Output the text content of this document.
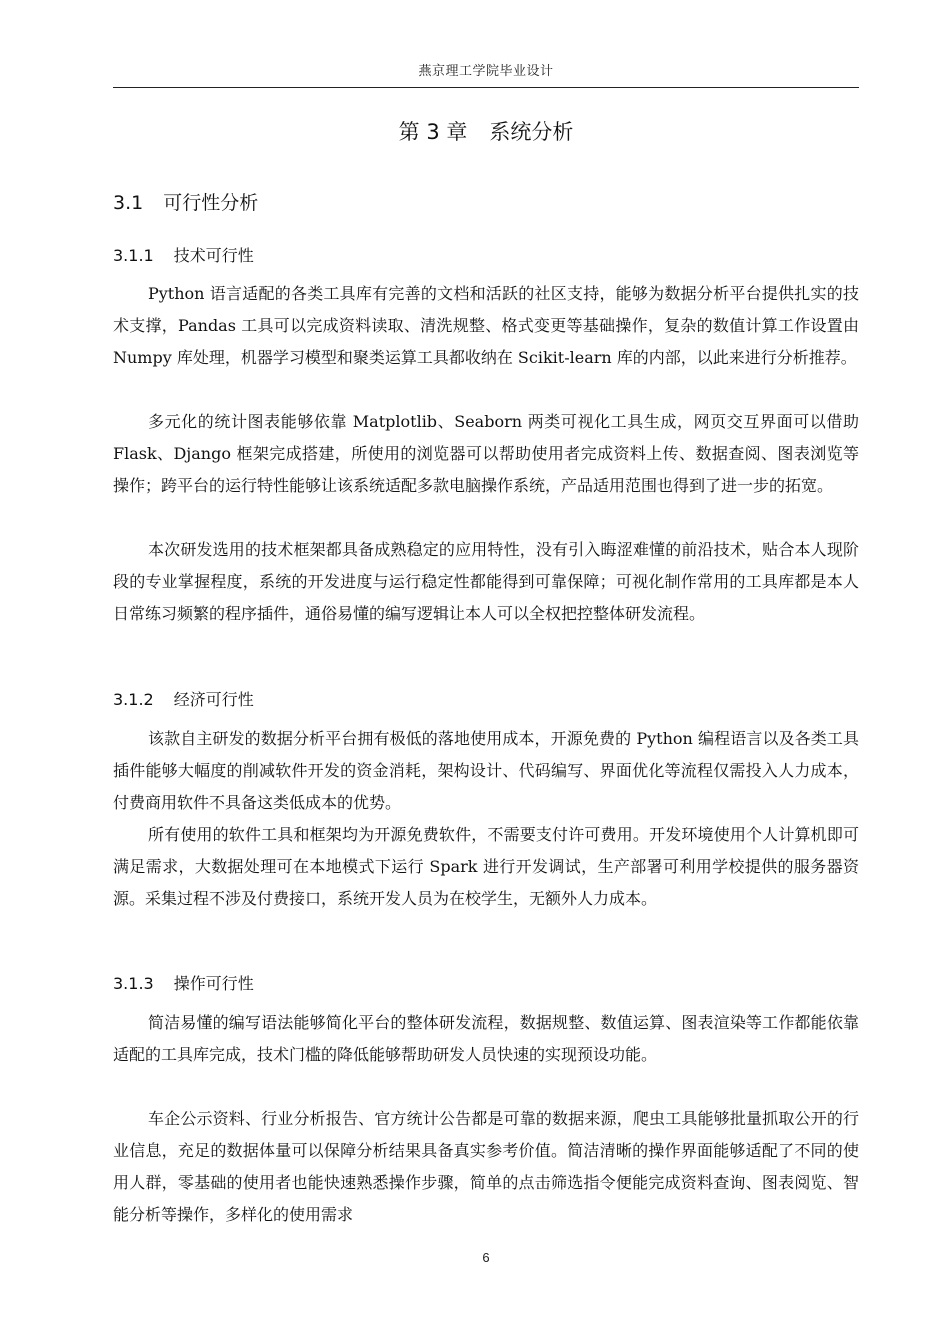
燕京理工学院毕业设计
第 3 章 系统分析
3.1 可行性分析
3.1.1 技术可行性

Python 语言适配的各类工具库有完善的文档和活跃的社区支持，能够为数据分析平台提供扎实的技术支撑，Pandas 工具可以完成资料读取、清洗规整、格式变更等基础操作，复杂的数值计算工作设置由 Numpy 库处理，机器学习模型和聚类运算工具都收纳在 Scikit-learn 库的内部，以此来进行分析推荐。

多元化的统计图表能够依靠 Matplotlib、Seaborn 两类可视化工具生成，网页交互界面可以借助 Flask、Django 框架完成搭建，所使用的浏览器可以帮助使用者完成资料上传、数据查阅、图表浏览等操作；跨平台的运行特性能够让该系统适配多款电脑操作系统，产品适用范围也得到了进一步的拓宽。

本次研发选用的技术框架都具备成熟稳定的应用特性，没有引入晦涩难懂的前沿技术，贴合本人现阶段的专业掌握程度，系统的开发进度与运行稳定性都能得到可靠保障；可视化制作常用的工具库都是本人日常练习频繁的程序插件，通俗易懂的编写逻辑让本人可以全权把控整体研发流程。

3.1.2 经济可行性

该款自主研发的数据分析平台拥有极低的落地使用成本，开源免费的 Python 编程语言以及各类工具插件能够大幅度的削减软件开发的资金消耗，架构设计、代码编写、界面优化等流程仅需投入人力成本，付费商用软件不具备这类低成本的优势。

所有使用的软件工具和框架均为开源免费软件，不需要支付许可费用。开发环境使用个人计算机即可满足需求，大数据处理可在本地模式下运行 Spark 进行开发调试，生产部署可利用学校提供的服务器资源。采集过程不涉及付费接口，系统开发人员为在校学生，无额外人力成本。

3.1.3 操作可行性

简洁易懂的编写语法能够简化平台的整体研发流程，数据规整、数值运算、图表渲染等工作都能依靠适配的工具库完成，技术门槛的降低能够帮助研发人员快速的实现预设功能。

车企公示资料、行业分析报告、官方统计公告都是可靠的数据来源，爬虫工具能够批量抓取公开的行业信息，充足的数据体量可以保障分析结果具备真实参考价值。简洁清晰的操作界面能够适配了不同的使用人群，零基础的使用者也能快速熟悉操作步骤，简单的点击筛选指令便能完成资料查询、图表阅览、智能分析等操作，多样化的使用需求

6
